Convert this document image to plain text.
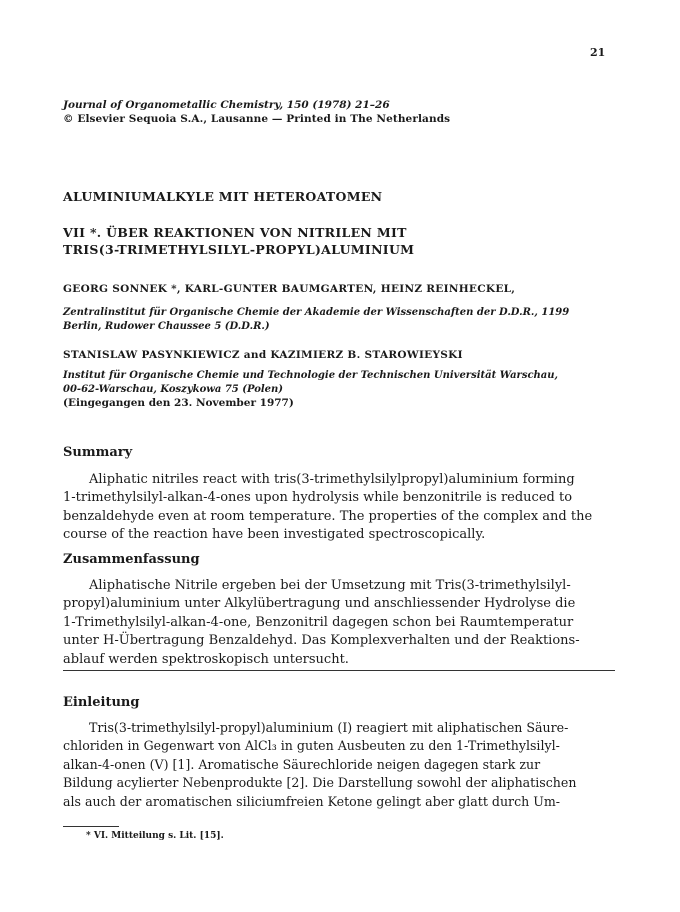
21
Journal of Organometallic Chemistry, 150 (1978) 21–26
© Elsevier Sequoia S.A., Lausanne — Printed in The Netherlands
ALUMINIUMALKYLE MIT HETEROATOMEN
VII *. ÜBER REAKTIONEN VON NITRILEN MIT
TRIS(3-TRIMETHYLSILYL-PROPYL)ALUMINIUM
GEORG SONNEK *, KARL-GUNTER BAUMGARTEN, HEINZ REINHECKEL,
Zentralinstitut für Organische Chemie der Akademie der Wissenschaften der D.D.R., 1199
Berlin, Rudower Chaussee 5 (D.D.R.)
STANISLAW PASYNKIEWICZ and KAZIMIERZ B. STAROWIEYSKI
Institut für Organische Chemie und Technologie der Technischen Universität Warschau,
00-62-Warschau, Koszykowa 75 (Polen)
(Eingegangen den 23. November 1977)
Summary
Aliphatic nitriles react with tris(3-trimethylsilylpropyl)aluminium forming
1-trimethylsilyl-alkan-4-ones upon hydrolysis while benzonitrile is reduced to
benzaldehyde even at room temperature. The properties of the complex and the
course of the reaction have been investigated spectroscopically.
Zusammenfassung
Aliphatische Nitrile ergeben bei der Umsetzung mit Tris(3-trimethylsilyl-
propyl)aluminium unter Alkylübertragung und anschliessender Hydrolyse die
1-Trimethylsilyl-alkan-4-one, Benzonitril dagegen schon bei Raumtemperatur
unter H-Übertragung Benzaldehyd. Das Komplexverhalten und der Reaktions-
ablauf werden spektroskopisch untersucht.
Einleitung
Tris(3-trimethylsilyl-propyl)aluminium (I) reagiert mit aliphatischen Säure-
chloriden in Gegenwart von AlCl₃ in guten Ausbeuten zu den 1-Trimethylsilyl-
alkan-4-onen (V) [1]. Aromatische Säurechloride neigen dagegen stark zur
Bildung acylierter Nebenprodukte [2]. Die Darstellung sowohl der aliphatischen
als auch der aromatischen siliciumfreien Ketone gelingt aber glatt durch Um-
* VI. Mitteilung s. Lit. [15].
